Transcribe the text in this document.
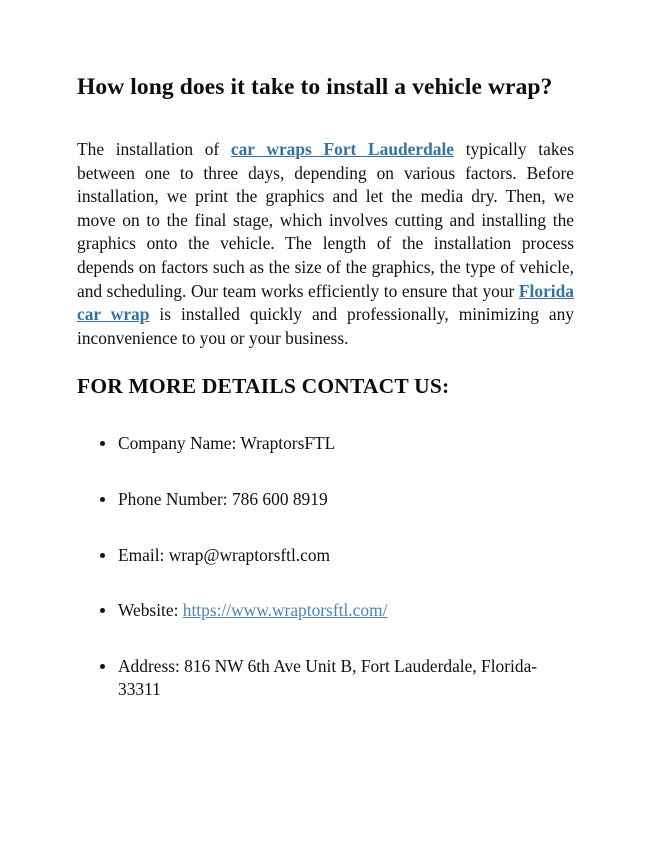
How long does it take to install a vehicle wrap?

The installation of car wraps Fort Lauderdale typically takes between one to three days, depending on various factors. Before installation, we print the graphics and let the media dry. Then, we move on to the final stage, which involves cutting and installing the graphics onto the vehicle. The length of the installation process depends on factors such as the size of the graphics, the type of vehicle, and scheduling. Our team works efficiently to ensure that your Florida car wrap is installed quickly and professionally, minimizing any inconvenience to you or your business.

FOR MORE DETAILS CONTACT US:
Company Name: WraptorsFTL
Phone Number: 786 600 8919
Email: wrap@wraptorsftl.com
Website: https://www.wraptorsftl.com/
Address: 816 NW 6th Ave Unit B, Fort Lauderdale, Florida-33311
